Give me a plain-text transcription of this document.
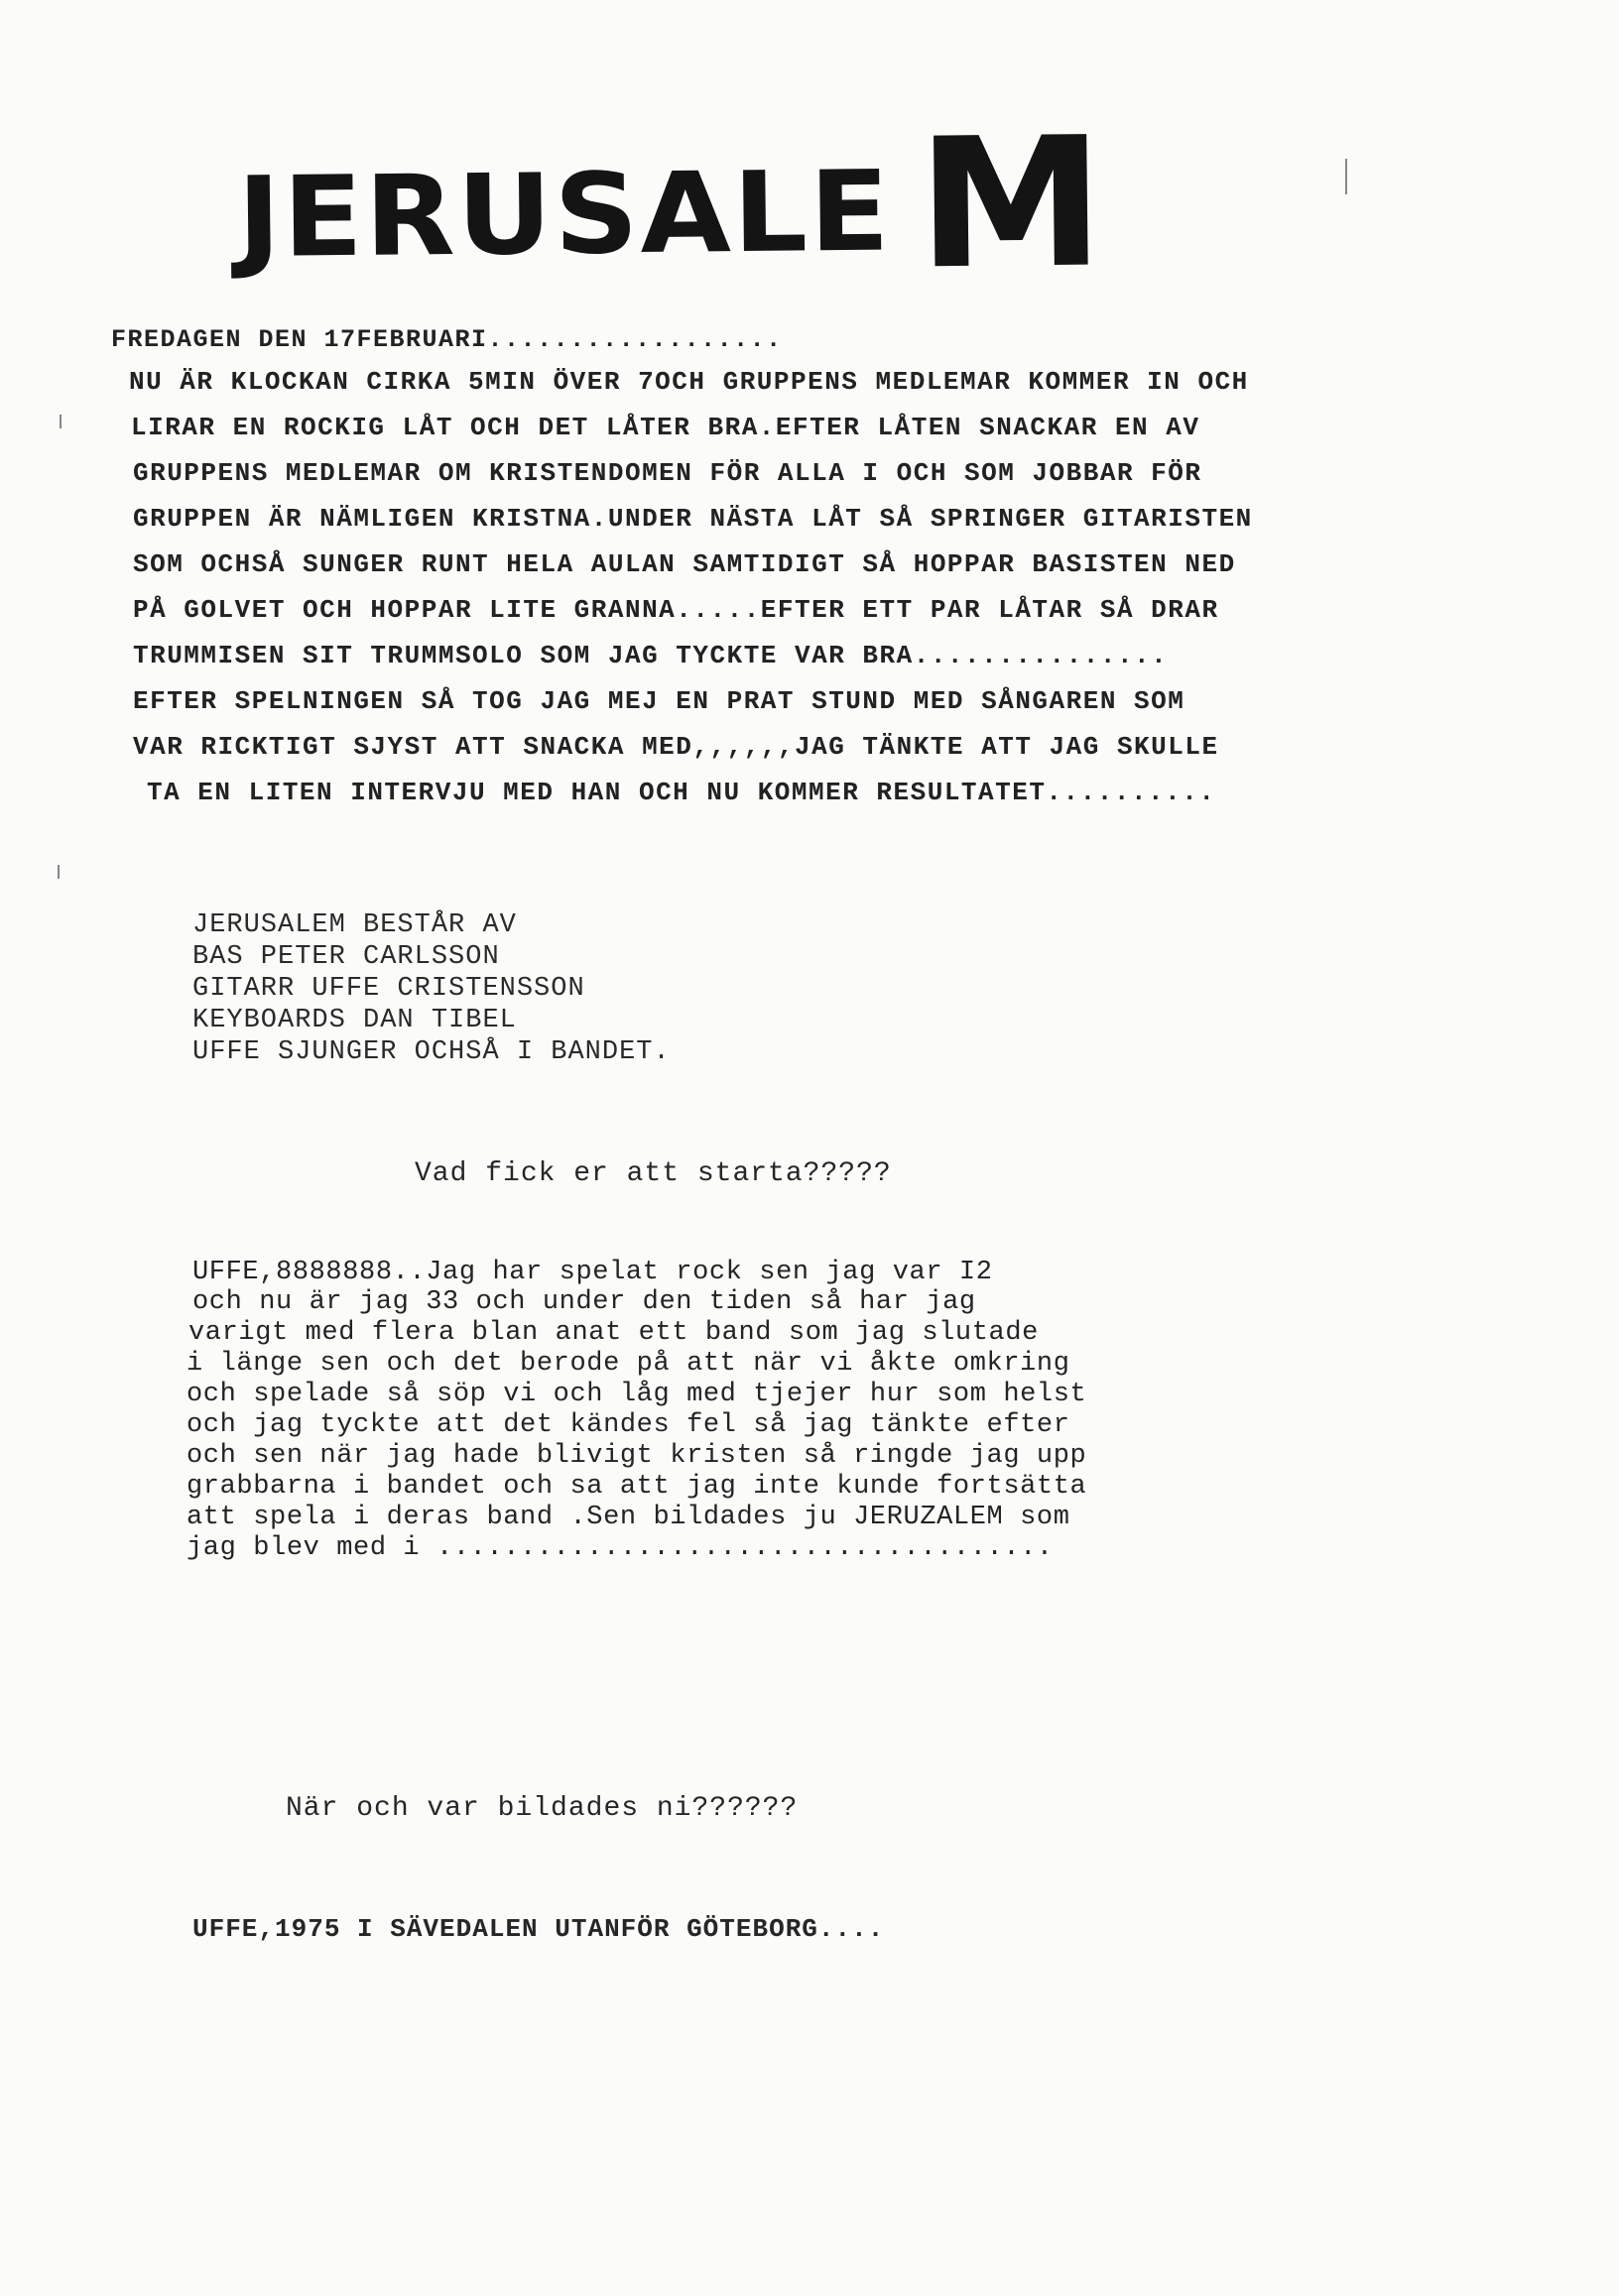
JERUSALE M
FREDAGEN DEN 17FEBRUARI..................
NU ÄR KLOCKAN CIRKA 5MIN ÖVER 7OCH GRUPPENS MEDLEMAR KOMMER IN OCH
LIRAR EN ROCKIG LÅT OCH DET LÅTER BRA.EFTER LÅTEN SNACKAR EN AV
GRUPPENS MEDLEMAR OM KRISTENDOMEN FÖR ALLA I OCH SOM JOBBAR FÖR
GRUPPEN ÄR NÄMLIGEN KRISTNA.UNDER NÄSTA LÅT SÅ SPRINGER GITARISTEN
SOM OCHSÅ SUNGER RUNT HELA AULAN SAMTIDIGT SÅ HOPPAR BASISTEN NED
PÅ GOLVET OCH HOPPAR LITE GRANNA.....EFTER ETT PAR LÅTAR SÅ DRAR
TRUMMISEN SIT TRUMMSOLO SOM JAG TYCKTE VAR BRA...............
EFTER SPELNINGEN SÅ TOG JAG MEJ EN PRAT STUND MED SÅNGAREN SOM
VAR RICKTIGT SJYST ATT SNACKA MED,,,,,,JAG TÄNKTE ATT JAG SKULLE
TA EN LITEN INTERVJU MED HAN OCH NU KOMMER RESULTATET..........
JERUSALEM BESTÅR AV
BAS PETER CARLSSON
GITARR UFFE CRISTENSSON
KEYBOARDS DAN TIBEL
UFFE SJUNGER OCHSÅ I BANDET.
Vad fick er att starta?????
UFFE,8888888..Jag har spelat rock sen jag var I2
och nu är jag 33 och under den tiden så har jag
varigt med flera blan anat ett band som jag slutade
i länge sen och det berode på att när vi åkte omkring
och spelade så söp vi och låg med tjejer hur som helst
och jag tyckte att det kändes fel så jag tänkte efter
och sen när jag hade blivigt kristen så ringde jag upp
grabbarna i bandet och sa att jag inte kunde fortsätta
att spela i deras band .Sen bildades ju JERUZALEM som
jag blev med i .....................................
När och var bildades ni??????
UFFE,1975 I SÄVEDALEN UTANFÖR GÖTEBORG....
